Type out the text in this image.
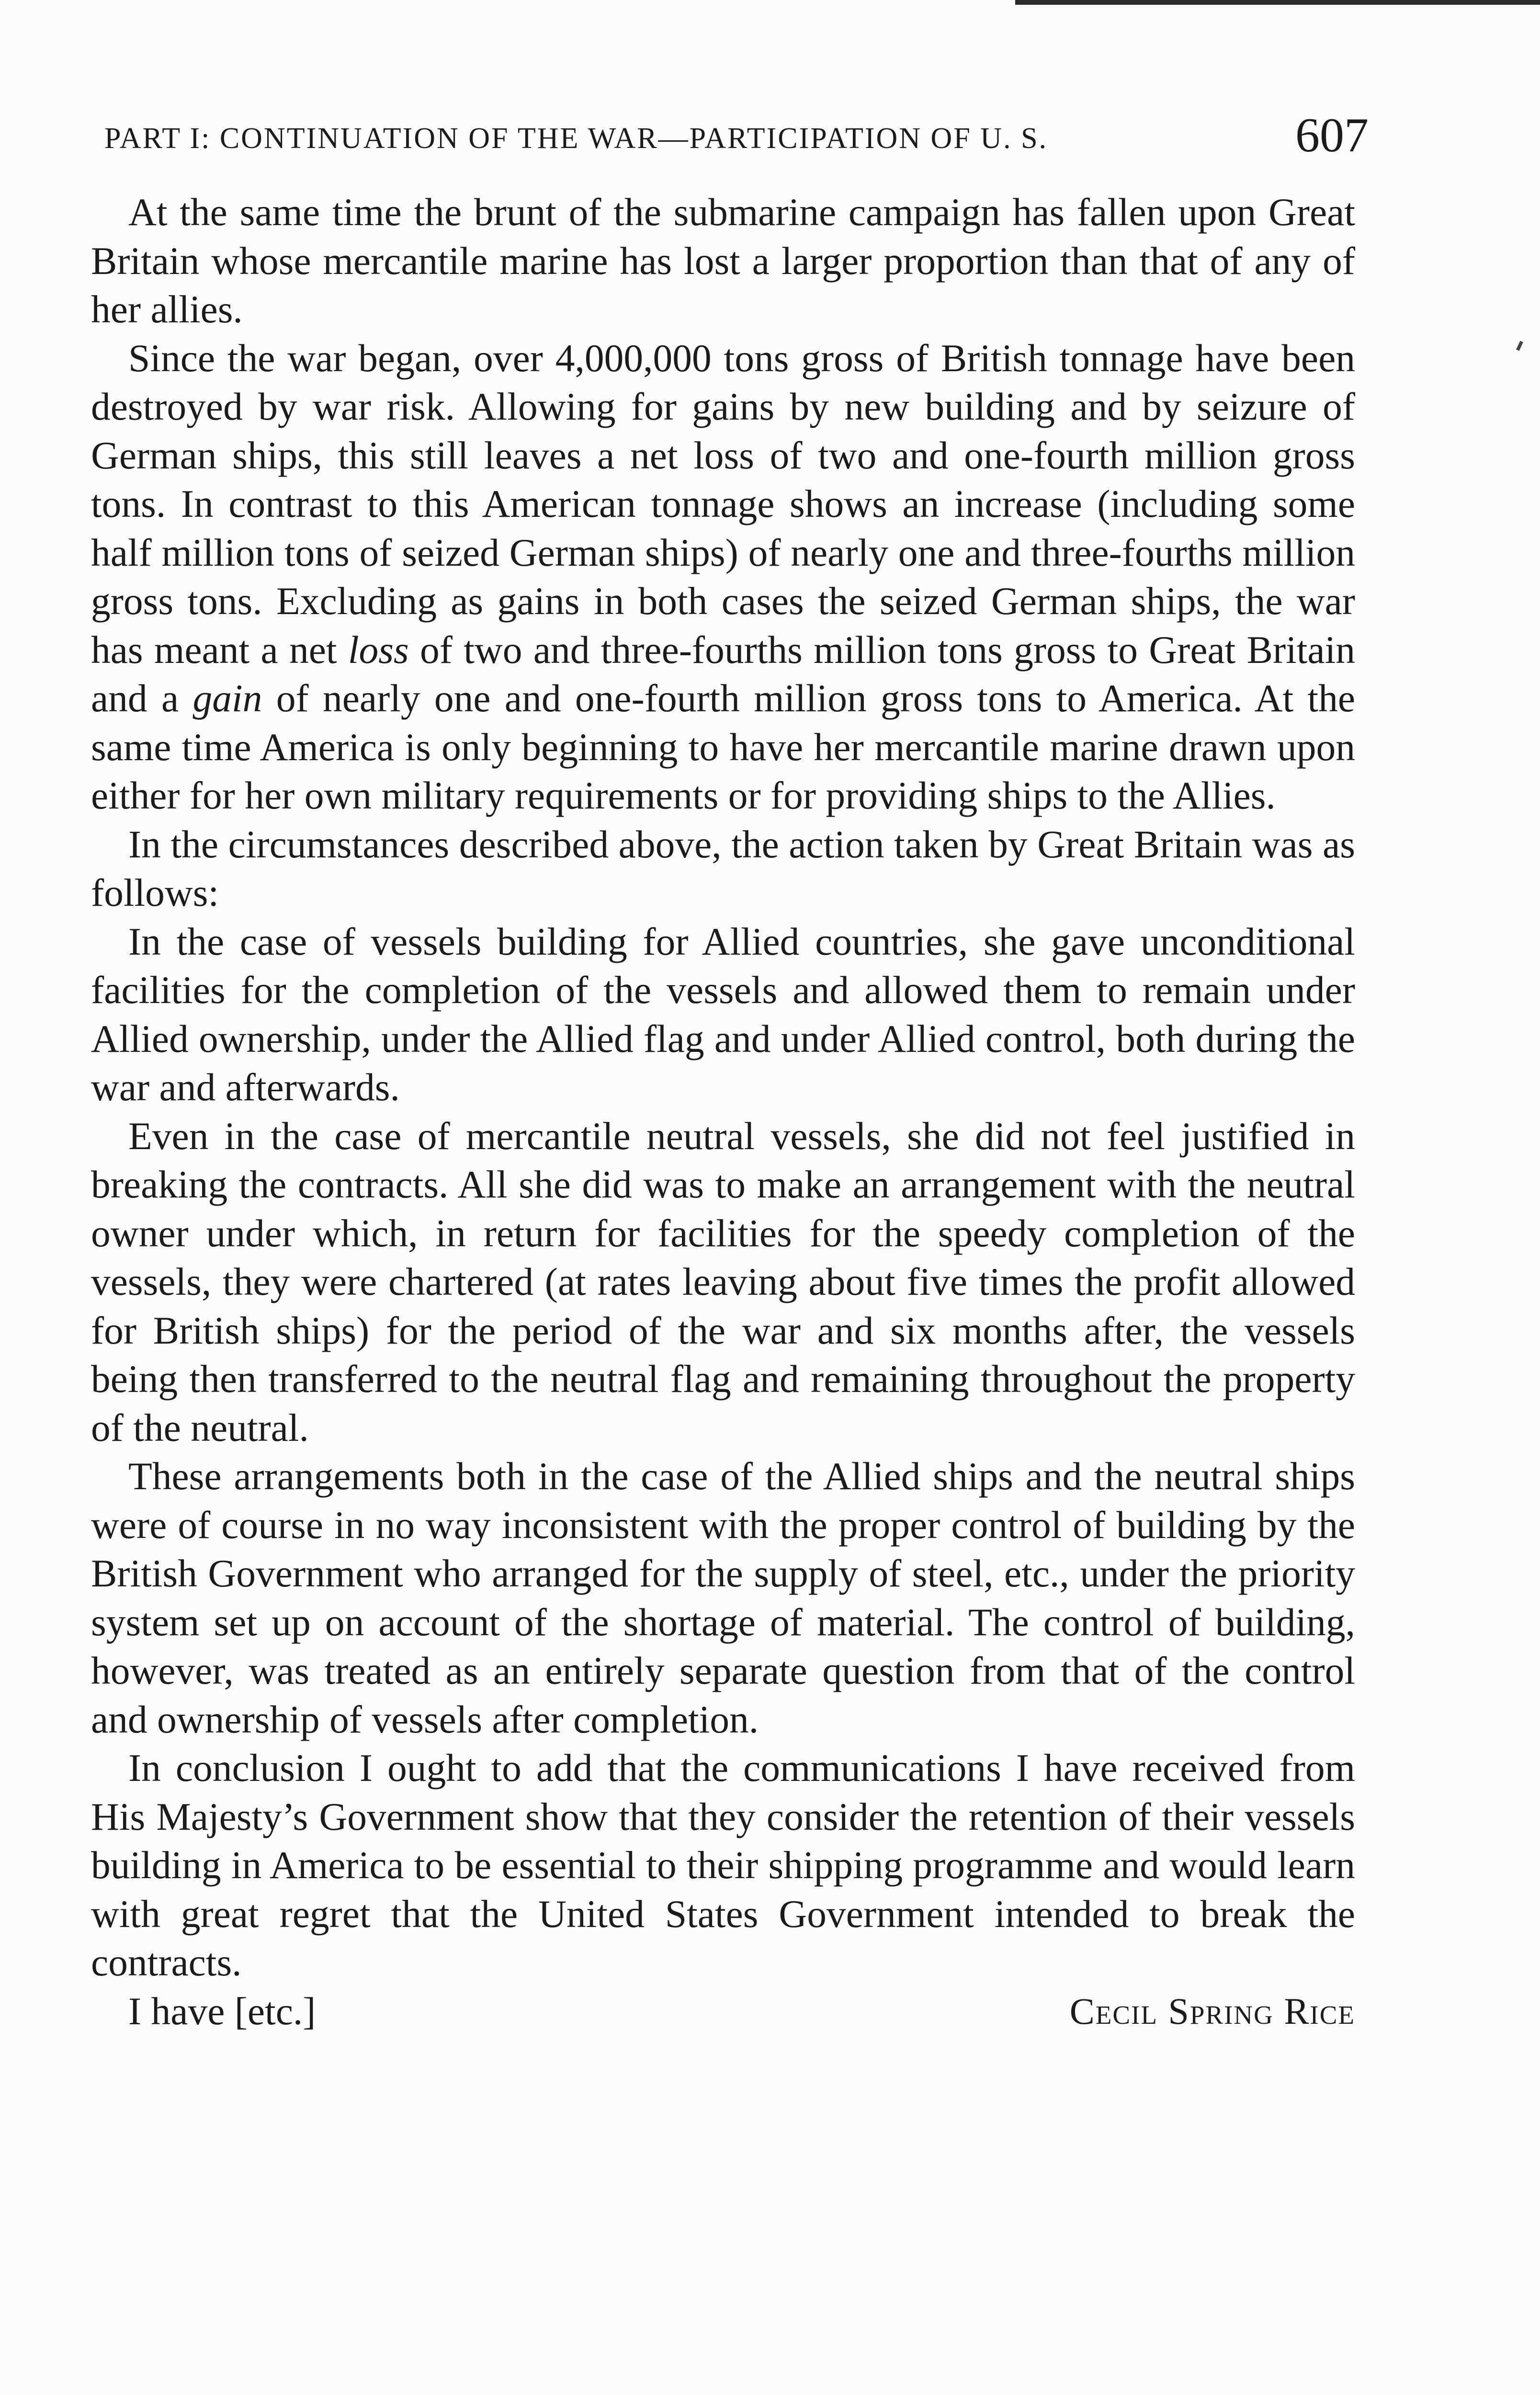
PART I: CONTINUATION OF THE WAR—PARTICIPATION OF U. S.	607

At the same time the brunt of the submarine campaign has fallen upon Great Britain whose mercantile marine has lost a larger proportion than that of any of her allies.

Since the war began, over 4,000,000 tons gross of British tonnage have been destroyed by war risk. Allowing for gains by new building and by seizure of German ships, this still leaves a net loss of two and one-fourth million gross tons. In contrast to this American tonnage shows an increase (including some half million tons of seized German ships) of nearly one and three-fourths million gross tons. Excluding as gains in both cases the seized German ships, the war has meant a net loss of two and three-fourths million tons gross to Great Britain and a gain of nearly one and one-fourth million gross tons to America. At the same time America is only beginning to have her mercantile marine drawn upon either for her own military requirements or for providing ships to the Allies.

In the circumstances described above, the action taken by Great Britain was as follows:

In the case of vessels building for Allied countries, she gave unconditional facilities for the completion of the vessels and allowed them to remain under Allied ownership, under the Allied flag and under Allied control, both during the war and afterwards.

Even in the case of mercantile neutral vessels, she did not feel justified in breaking the contracts. All she did was to make an arrangement with the neutral owner under which, in return for facilities for the speedy completion of the vessels, they were chartered (at rates leaving about five times the profit allowed for British ships) for the period of the war and six months after, the vessels being then transferred to the neutral flag and remaining throughout the property of the neutral.

These arrangements both in the case of the Allied ships and the neutral ships were of course in no way inconsistent with the proper control of building by the British Government who arranged for the supply of steel, etc., under the priority system set up on account of the shortage of material. The control of building, however, was treated as an entirely separate question from that of the control and ownership of vessels after completion.

In conclusion I ought to add that the communications I have received from His Majesty’s Government show that they consider the retention of their vessels building in America to be essential to their shipping programme and would learn with great regret that the United States Government intended to break the contracts.

I have [etc.]	Cecil Spring Rice
